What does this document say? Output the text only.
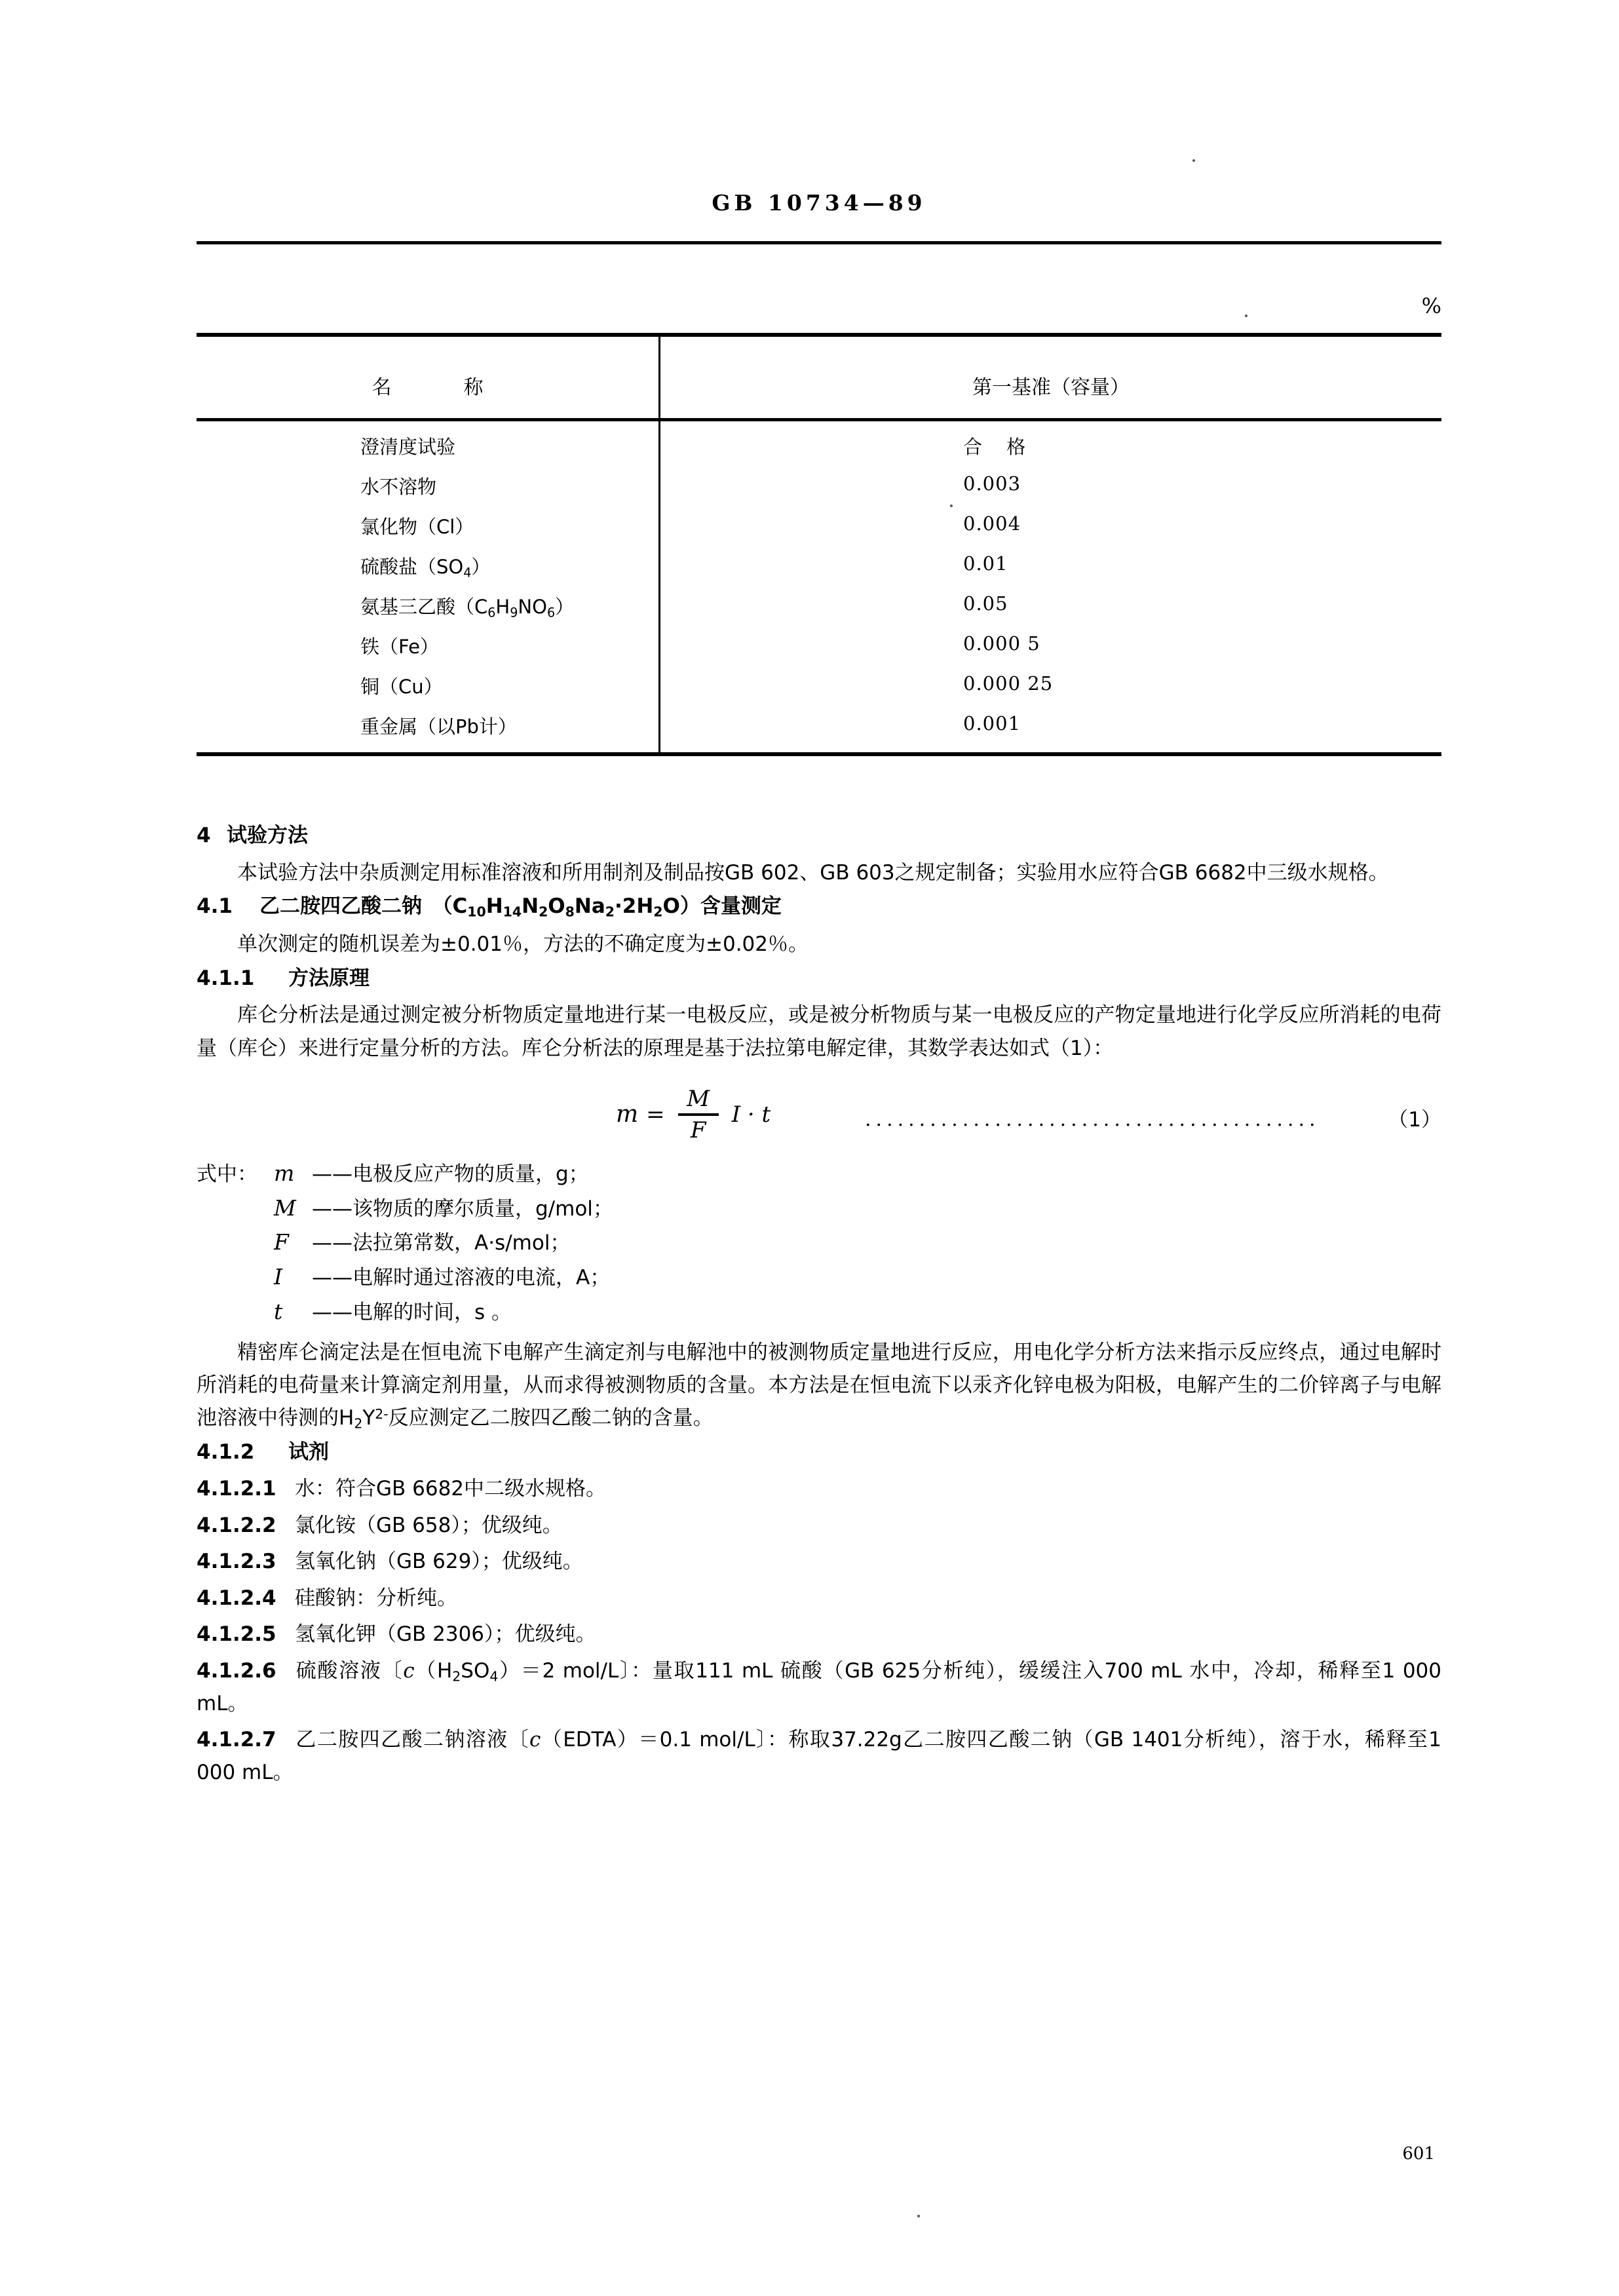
GB 10734—89
%
名	称	第一基准（容量）
澄清度试验	合 格
水不溶物	0.003
氯化物（Cl）	0.004
硫酸盐$(SO_4)$	0.01
氨基三乙酸$(C_6H_9NO_6)$	0.05
铁（Fe）	0.000 5
铜（Cu）	0.000 25
重金属（以Pb计）	0.001
4 试验方法

本试验方法中杂质测定用标准溶液和所用制剂及制品按GB 602、GB 603之规定制备；实验用水应符合GB 6682中三级水规格。

4.1 乙二胺四乙酸二钠　$(C_{10}H_{14}N_2O_8Na_2\cdot 2H_2O)$含量测定

单次测定的随机误差为±0.01％，方法的不确定度为±0.02％。

4.1.1 方法原理

库仑分析法是通过测定被分析物质定量地进行某一电极反应，或是被分析物质与某一电极反应的产物定量地进行化学反应所消耗的电荷量（库仑）来进行定量分析的方法。库仑分析法的原理是基于法拉第电解定律，其数学表达如式（1）：

$m = \frac{M}{F}$ I · t	..........................................	（1）
式中： m ——电极反应产物的质量，g；
M ——该物质的摩尔质量，g/mol；
F ——法拉第常数，A·s/mol；
I ——电解时通过溶液的电流，A；
t ——电解的时间，s 。

精密库仑滴定法是在恒电流下电解产生滴定剂与电解池中的被测物质定量地进行反应，用电化学分析方法来指示反应终点，通过电解时所消耗的电荷量来计算滴定剂用量，从而求得被测物质的含量。本方法是在恒电流下以汞齐化锌电极为阳极，电解产生的二价锌离子与电解池溶液中待测的$H_2Y^{2-}$反应测定乙二胺四乙酸二钠的含量。

4.1.2 试剂

4.1.2.1 水：符合GB 6682中二级水规格。

4.1.2.2 氯化铵（GB 658）；优级纯。

4.1.2.3 氢氧化钠（GB 629）；优级纯。

4.1.2.4 硅酸钠：分析纯。

4.1.2.5 氢氧化钾（GB 2306）；优级纯。

4.1.2.6 硫酸溶液〔$c(H_2SO_4)=2$ mol/L〕：量取111 mL 硫酸（GB 625分析纯），缓缓注入700 mL 水中，冷却，稀释至1 000 mL。

4.1.2.7 乙二胺四乙酸二钠溶液〔c（EDTA）＝0.1 mol/L〕：称取37.22g乙二胺四乙酸二钠（GB 1401分析纯），溶于水，稀释至1 000 mL。

601
